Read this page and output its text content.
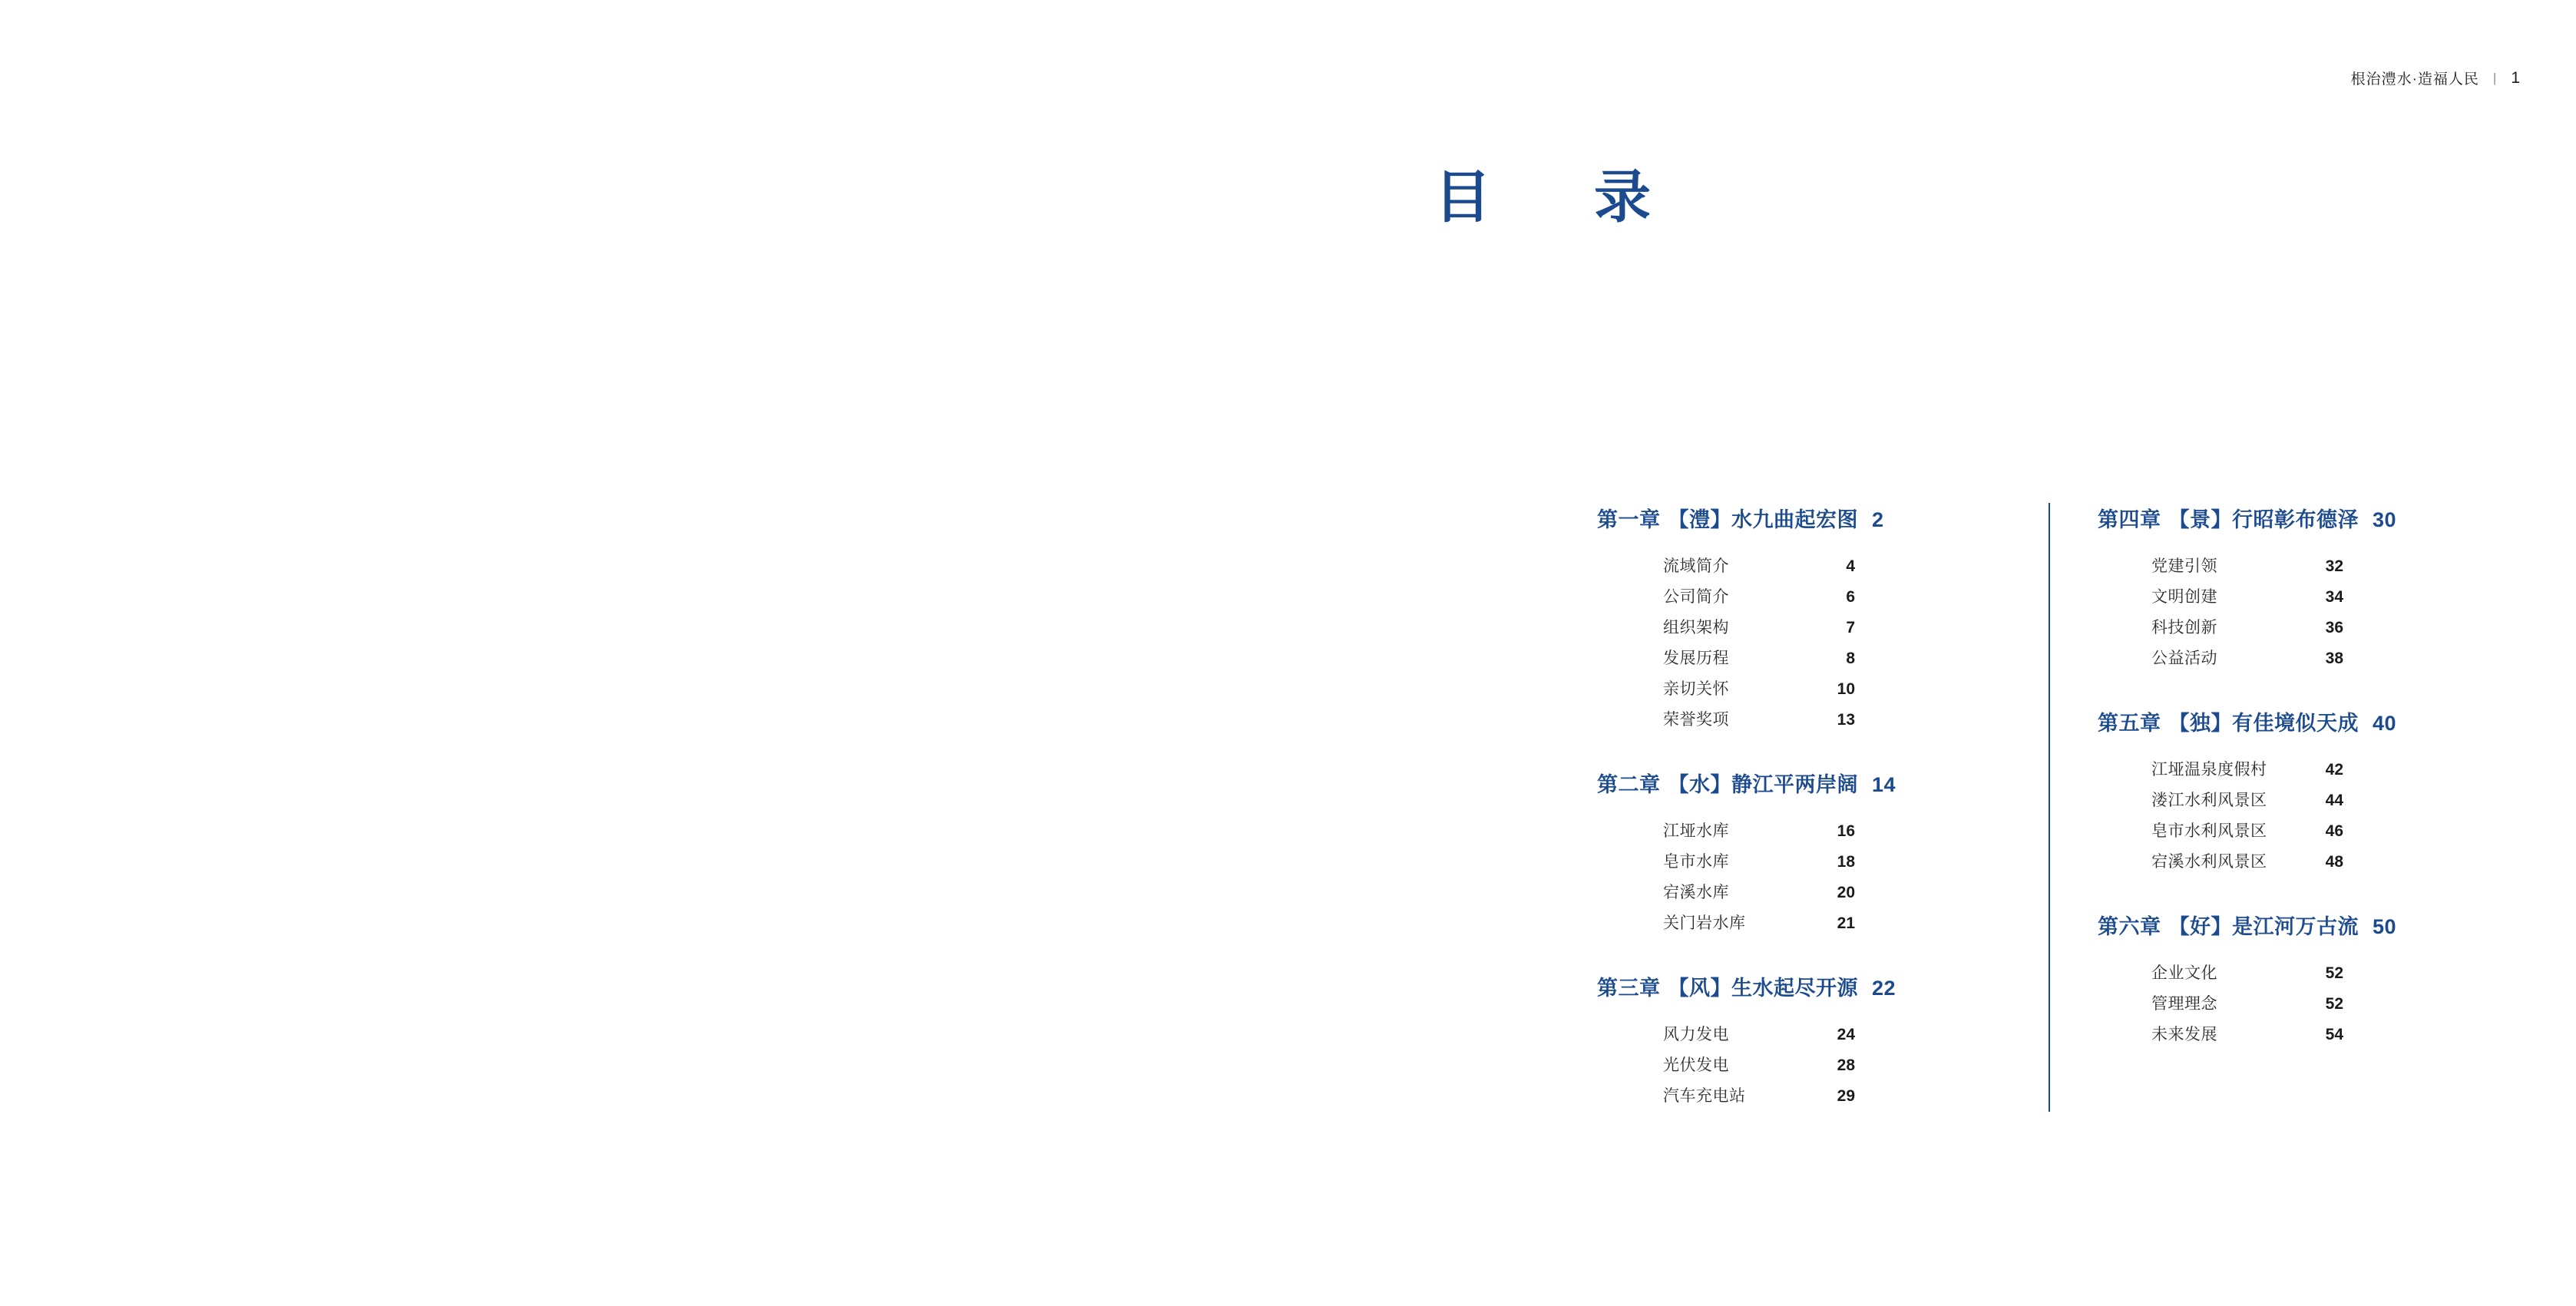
根治澧水·造福人民 | 1
目　录
第一章 【澧】水九曲起宏图 2
流域简介	4
公司简介	6
组织架构	7
发展历程	8
亲切关怀	10
荣誉奖项	13
第二章 【水】静江平两岸阔 14
江垭水库	16
皂市水库	18
宕溪水库	20
关门岩水库	21
第三章 【风】生水起尽开源 22
风力发电	24
光伏发电	28
汽车充电站	29
第四章 【景】行昭彰布德泽 30
党建引领	32
文明创建	34
科技创新	36
公益活动	38
第五章 【独】有佳境似天成 40
江垭温泉度假村	42
溇江水利风景区	44
皂市水利风景区	46
宕溪水利风景区	48
第六章 【好】是江河万古流 50
企业文化	52
管理理念	52
未来发展	54
